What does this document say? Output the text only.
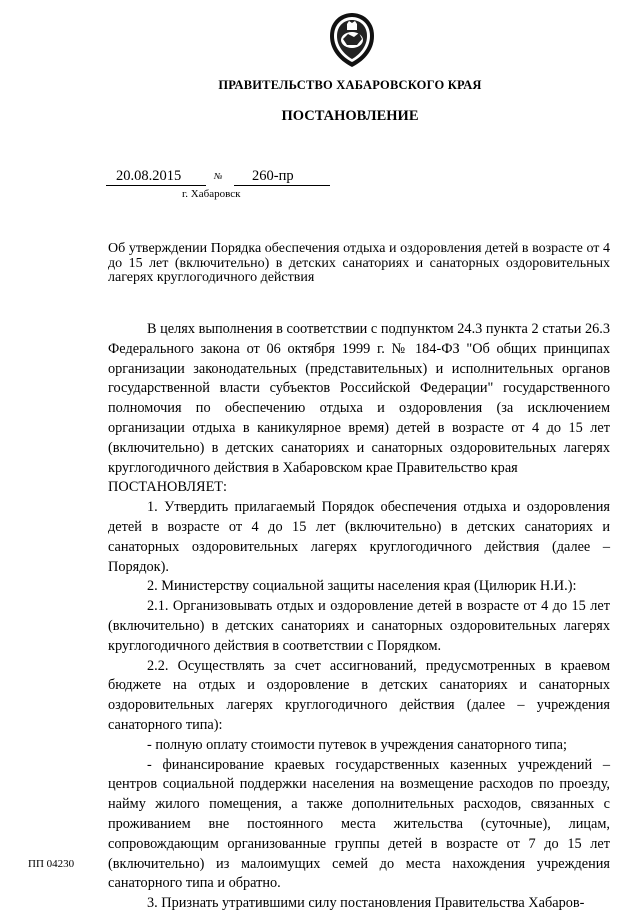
ПРАВИТЕЛЬСТВО ХАБАРОВСКОГО КРАЯ
ПОСТАНОВЛЕНИЕ
20.08.2015	№	260-пр
г. Хабаровск
Об утверждении Порядка обеспечения отдыха и оздоровления детей в возрасте от 4 до 15 лет (включительно) в детских санаториях и санаторных оздоровительных лагерях круглогодичного действия

В целях выполнения в соответствии с подпунктом 24.3 пункта 2 статьи 26.3 Федерального закона от 06 октября 1999 г. № 184-ФЗ "Об общих принципах организации законодательных (представительных) и исполнительных органов государственной власти субъектов Российской Федерации" государственного полномочия по обеспечению отдыха и оздоровления (за исключением организации отдыха в каникулярное время) детей в возрасте от 4 до 15 лет (включительно) в детских санаториях и санаторных оздоровительных лагерях круглогодичного действия в Хабаровском крае Правительство края

ПОСТАНОВЛЯЕТ:

1. Утвердить прилагаемый Порядок обеспечения отдыха и оздоровления детей в возрасте от 4 до 15 лет (включительно) в детских санаториях и санаторных оздоровительных лагерях круглогодичного действия (далее – Порядок).

2. Министерству социальной защиты населения края (Цилюрик Н.И.):

2.1. Организовывать отдых и оздоровление детей в возрасте от 4 до 15 лет (включительно) в детских санаториях и санаторных оздоровительных лагерях круглогодичного действия в соответствии с Порядком.

2.2. Осуществлять за счет ассигнований, предусмотренных в краевом бюджете на отдых и оздоровление в детских санаториях и санаторных оздоровительных лагерях круглогодичного действия (далее – учреждения санаторного типа):

- полную оплату стоимости путевок в учреждения санаторного типа;

- финансирование краевых государственных казенных учреждений – центров социальной поддержки населения на возмещение расходов по проезду, найму жилого помещения, а также дополнительных расходов, связанных с проживанием вне постоянного места жительства (суточные), лицам, сопровождающим организованные группы детей в возрасте от 7 до 15 лет (включительно) из малоимущих семей до места нахождения учреждения санаторного типа и обратно.

3. Признать утратившими силу постановления Правительства Хабаров-

ПП 04230
